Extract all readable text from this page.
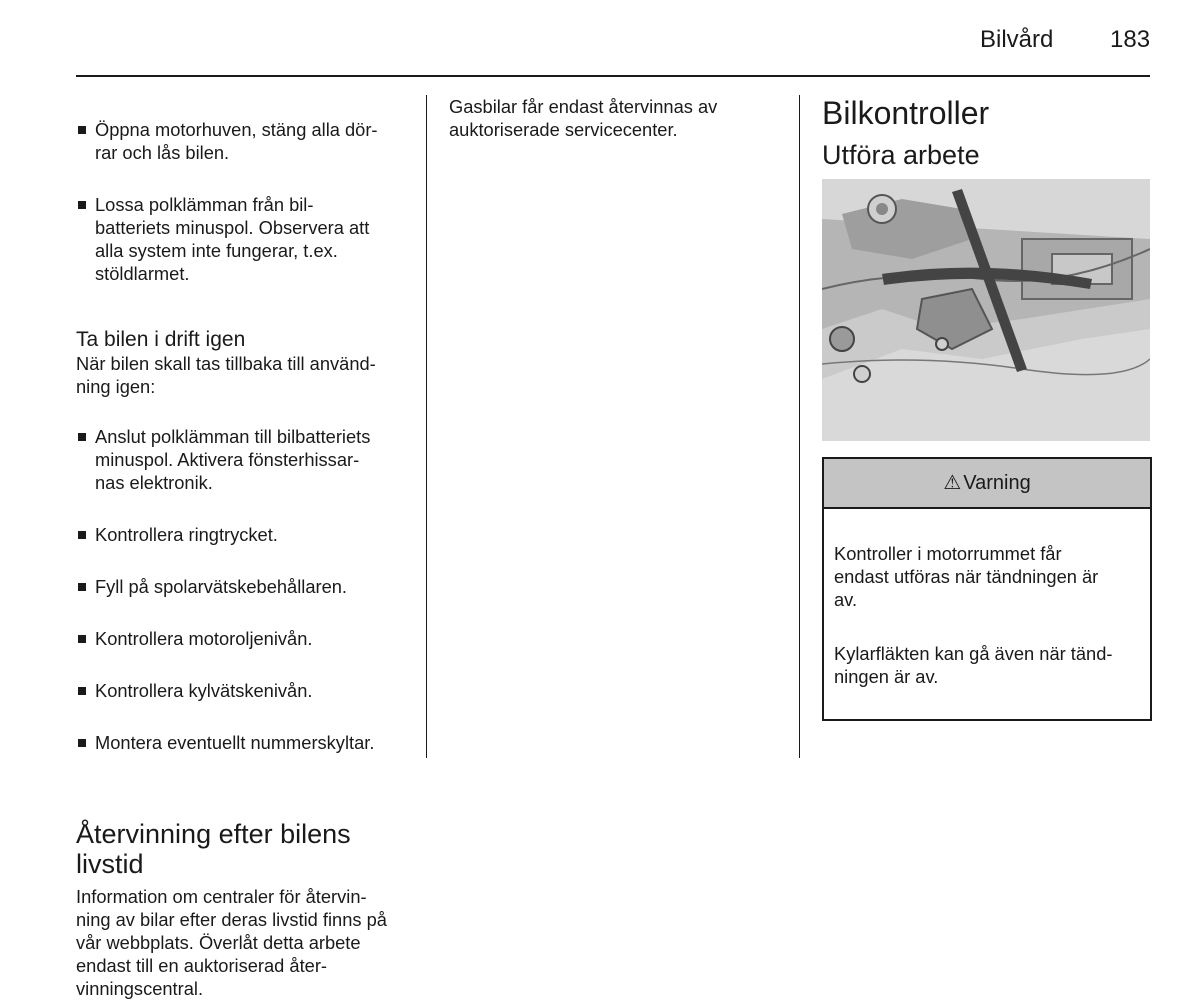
Bilvård 183

Öppna motorhuven, stäng alla dör-
rar och lås bilen.

Lossa polklämman från bil-
batteriets minuspol. Observera att
alla system inte fungerar, t.ex.
stöldlarmet.

Ta bilen i drift igen

När bilen skall tas tillbaka till använd-
ning igen:

Anslut polklämman till bilbatteriets
minuspol. Aktivera fönsterhissar-
nas elektronik.

Kontrollera ringtrycket.

Fyll på spolarvätskebehållaren.

Kontrollera motoroljenivån.

Kontrollera kylvätskenivån.

Montera eventuellt nummerskyltar.

Återvinning efter bilens
livstid

Information om centraler för återvin-
ning av bilar efter deras livstid finns på
vår webbplats. Överlåt detta arbete
endast till en auktoriserad åter-
vinningscentral.

Gasbilar får endast återvinnas av
auktoriserade servicecenter.	Bilkontroller
Utföra arbete
⚠ Varning

Kontroller i motorrummet får
endast utföras när tändningen är
av.

Kylarfläkten kan gå även när tänd-
ningen är av.
